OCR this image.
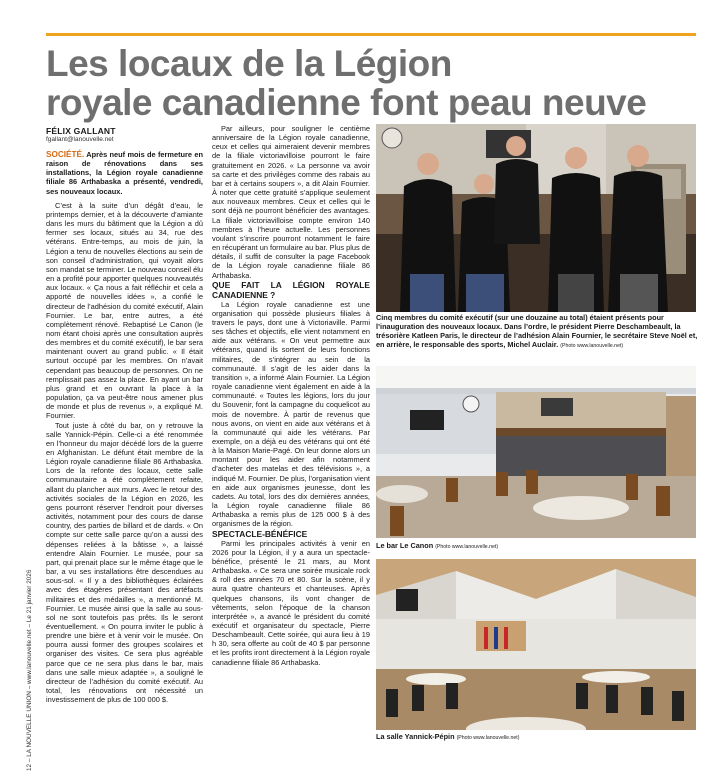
Les locaux de la Légion
royale canadienne font peau neuve
FÉLIX GALLANT
fgallant@lanouvelle.net

SOCIÉTÉ. Après neuf mois de fermeture en raison de rénovations dans ses installations, la Légion royale canadienne filiale 86 Arthabaska a présenté, vendredi, ses nouveaux locaux.

C’est à la suite d’un dégât d’eau, le printemps dernier, et à la découverte d’amiante dans les murs du bâtiment que la Légion a dû fermer ses locaux, situés au 34, rue des vétérans. Entre-temps, au mois de juin, la Légion a tenu de nouvelles élections au sein de son conseil d’administration, qui voyait alors son mandat se terminer. Le nouveau conseil élu en a profité pour apporter quelques nouveautés aux locaux. « Ça nous a fait réfléchir et cela a apporté de nouvelles idées », a confié le directeur de l’adhésion du comité exécutif, Alain Fournier. Le bar, entre autres, a été complètement rénové. Rebaptisé Le Canon (le nom étant choisi après une consultation auprès des membres et du comité exécutif), le bar sera maintenant ouvert au grand public. « Il était surtout occupé par les membres. On n’avait cependant pas beaucoup de personnes. On ne remplissait pas assez la place. En ayant un bar plus grand et en ouvrant la place à la population, ça va peut-être nous amener plus de monde et plus de revenus », a expliqué M. Fournier.

Tout juste à côté du bar, on y retrouve la salle Yannick-Pépin. Celle-ci a été renommée en l’honneur du major décédé lors de la guerre en Afghanistan. Le défunt était membre de la Légion royale canadienne filiale 86 Arthabaska. Lors de la refonte des locaux, cette salle communautaire a été complètement refaite, allant du plancher aux murs. Avec le retour des activités sociales de la Légion en 2026, les gens pourront réserver l’endroit pour diverses activités, notamment pour des cours de danse country, des parties de billard et de dards. « On compte sur cette salle parce qu’on a aussi des dépenses reliées à la bâtisse », a laissé entendre Alain Fournier. Le musée, pour sa part, qui prenait place sur le même étage que le bar, a vu ses installations être descendues au sous-sol. « Il y a des bibliothèques éclairées avec des étagères présentant des artéfacts militaires et des médailles », a mentionné M. Fournier. Le musée ainsi que la salle au sous-sol ne sont toutefois pas prêts. Ils le seront éventuellement. « On pourra inviter le public à prendre une bière et à venir voir le musée. On pourra aussi former des groupes scolaires et organiser des visites. Ce sera plus agréable parce que ce ne sera plus dans le bar, mais dans une salle mieux adaptée », a souligné le directeur de l’adhésion du comité exécutif. Au total, les rénovations ont nécessité un investissement de plus de 100 000 $.

Par ailleurs, pour souligner le centième anniversaire de la Légion royale canadienne, ceux et celles qui aimeraient devenir membres de la filiale victoriavilloise pourront le faire gratuitement en 2026. « La personne va avoir sa carte et des privilèges comme des rabais au bar et à certains soupers », a dit Alain Fournier. À noter que cette gratuité s’applique seulement aux nouveaux membres. Ceux et celles qui le sont déjà ne pourront bénéficier des avantages. La filiale victoriavilloise compte environ 140 membres à l’heure actuelle. Les personnes voulant s’inscrire pourront notamment le faire en récupérant un formulaire au bar. Plus plus de détails, il suffit de consulter la page Facebook de la Légion royale canadienne filiale 86 Arthabaska.

QUE FAIT LA LÉGION ROYALE CANADIENNE ?

La Légion royale canadienne est une organisation qui possède plusieurs filiales à travers le pays, dont une à Victoriaville. Parmi ses tâches et objectifs, elle vient notamment en aide aux vétérans. « On veut permettre aux vétérans, quand ils sortent de leurs fonctions militaires, de s’intégrer au sein de la communauté. Il s’agit de les aider dans la transition », a informé Alain Fournier. La Légion royale canadienne vient également en aide à la communauté. « Toutes les légions, lors du jour du Souvenir, font la campagne du coquelicot au mois de novembre. À partir de revenus que nous avons, on vient en aide aux vétérans et à la communauté qui aide les vétérans. Par exemple, on a déjà eu des vétérans qui ont été à la Maison Marie-Pagé. On leur donne alors un montant pour les aider afin notamment d’acheter des matelas et des télévisions », a indiqué M. Fournier. De plus, l’organisation vient en aide aux organismes jeunesse, dont les cadets. Au total, lors des dix dernières années, la Légion royale canadienne filiale 86 Arthabaska a remis plus de 125 000 $ à des organismes de la région.

SPECTACLE-BÉNÉFICE

Parmi les principales activités à venir en 2026 pour la Légion, il y a aura un spectacle-bénéfice, présenté le 21 mars, au Mont Arthabaska. « Ce sera une soirée musicale rock & roll des années 70 et 80. Sur la scène, il y aura quatre chanteurs et chanteuses. Après quelques chansons, ils vont changer de vêtements, selon l’époque de la chanson interprétée », a avancé le président du comité exécutif et organisateur du spectacle, Pierre Deschambeault. Cette soirée, qui aura lieu à 19 h 30, sera offerte au coût de 40 $ par personne et les profits iront directement à la Légion royale canadienne filiale 86 Arthabaska.

12 – LA NOUVELLE UNION – www.lanouvelle.net – Le 21 janvier 2026
Cinq membres du comité exécutif (sur une douzaine au total) étaient présents pour l’inauguration des nouveaux locaux. Dans l’ordre, le président Pierre Deschambeault, la trésorière Katleen Paris, le directeur de l’adhésion Alain Fournier, le secrétaire Steve Noël et, en arrière, le responsable des sports, Michel Auclair. (Photo www.lanouvelle.net)
Le bar Le Canon (Photo www.lanouvelle.net)
La salle Yannick-Pépin (Photo www.lanouvelle.net)
